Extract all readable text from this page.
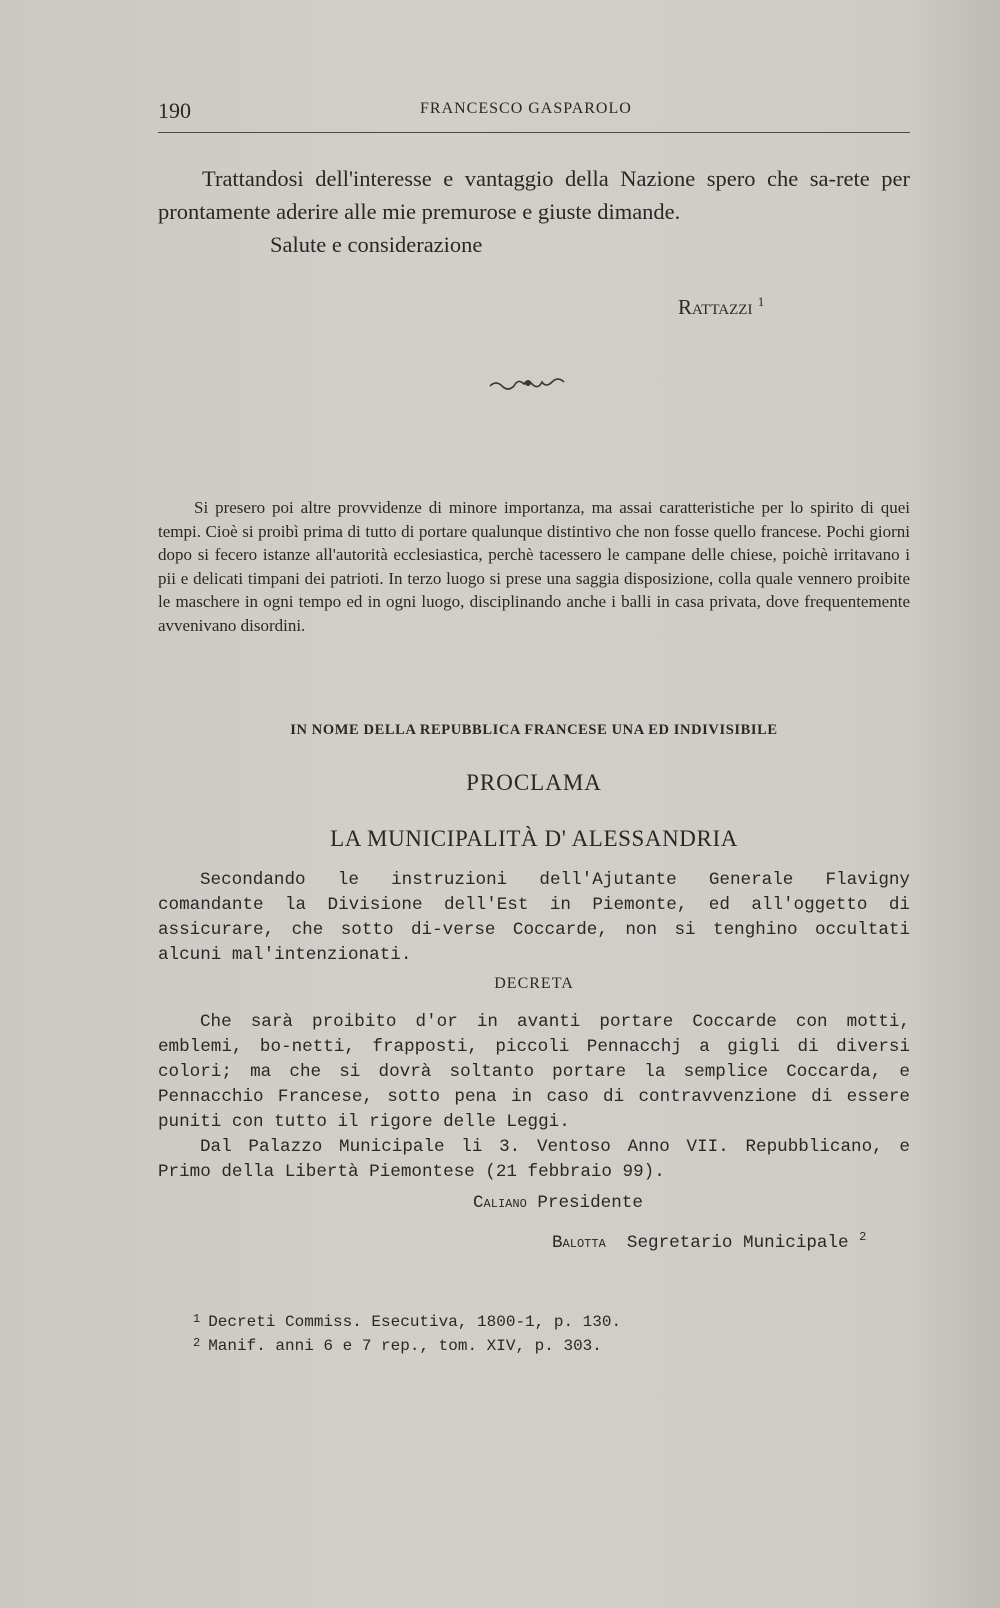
190	FRANCESCO GASPAROLO

Trattandosi dell'interesse e vantaggio della Nazione spero che sa-rete per prontamente aderire alle mie premurose e giuste dimande.

Salute e considerazione

Rattazzi $^1$

Si presero poi altre provvidenze di minore importanza, ma assai caratteristiche per lo spirito di quei tempi. Cioè si proibì prima di tutto di portare qualunque distintivo che non fosse quello francese. Pochi giorni dopo si fecero istanze all'autorità ecclesiastica, perchè tacessero le campane delle chiese, poichè irritavano i pii e delicati timpani dei patrioti. In terzo luogo si prese una saggia disposizione, colla quale vennero proibite le maschere in ogni tempo ed in ogni luogo, disciplinando anche i balli in casa privata, dove frequentemente avvenivano disordini.

IN NOME DELLA REPUBBLICA FRANCESE UNA ED INDIVISIBILE
PROCLAMA
LA MUNICIPALITÀ D' ALESSANDRIA

Secondando le instruzioni dell'Ajutante Generale Flavigny comandante la Divisione dell'Est in Piemonte, ed all'oggetto di assicurare, che sotto di-verse Coccarde, non si tenghino occultati alcuni mal'intenzionati.

DECRETA

Che sarà proibito d'or in avanti portare Coccarde con motti, emblemi, bo-netti, frapposti, piccoli Pennacchj a gigli di diversi colori; ma che si dovrà soltanto portare la semplice Coccarda, e Pennacchio Francese, sotto pena in caso di contravvenzione di essere puniti con tutto il rigore delle Leggi.

Dal Palazzo Municipale li 3. Ventoso Anno VII. Repubblicano, e Primo della Libertà Piemontese (21 febbraio 99).

Caliano Presidente
Balotta Segretario Municipale $^2$
$^1$ Decreti Commiss. Esecutiva, 1800-1, p. 130.
$^2$ Manif. anni 6 e 7 rep., tom. XIV, p. 303.
